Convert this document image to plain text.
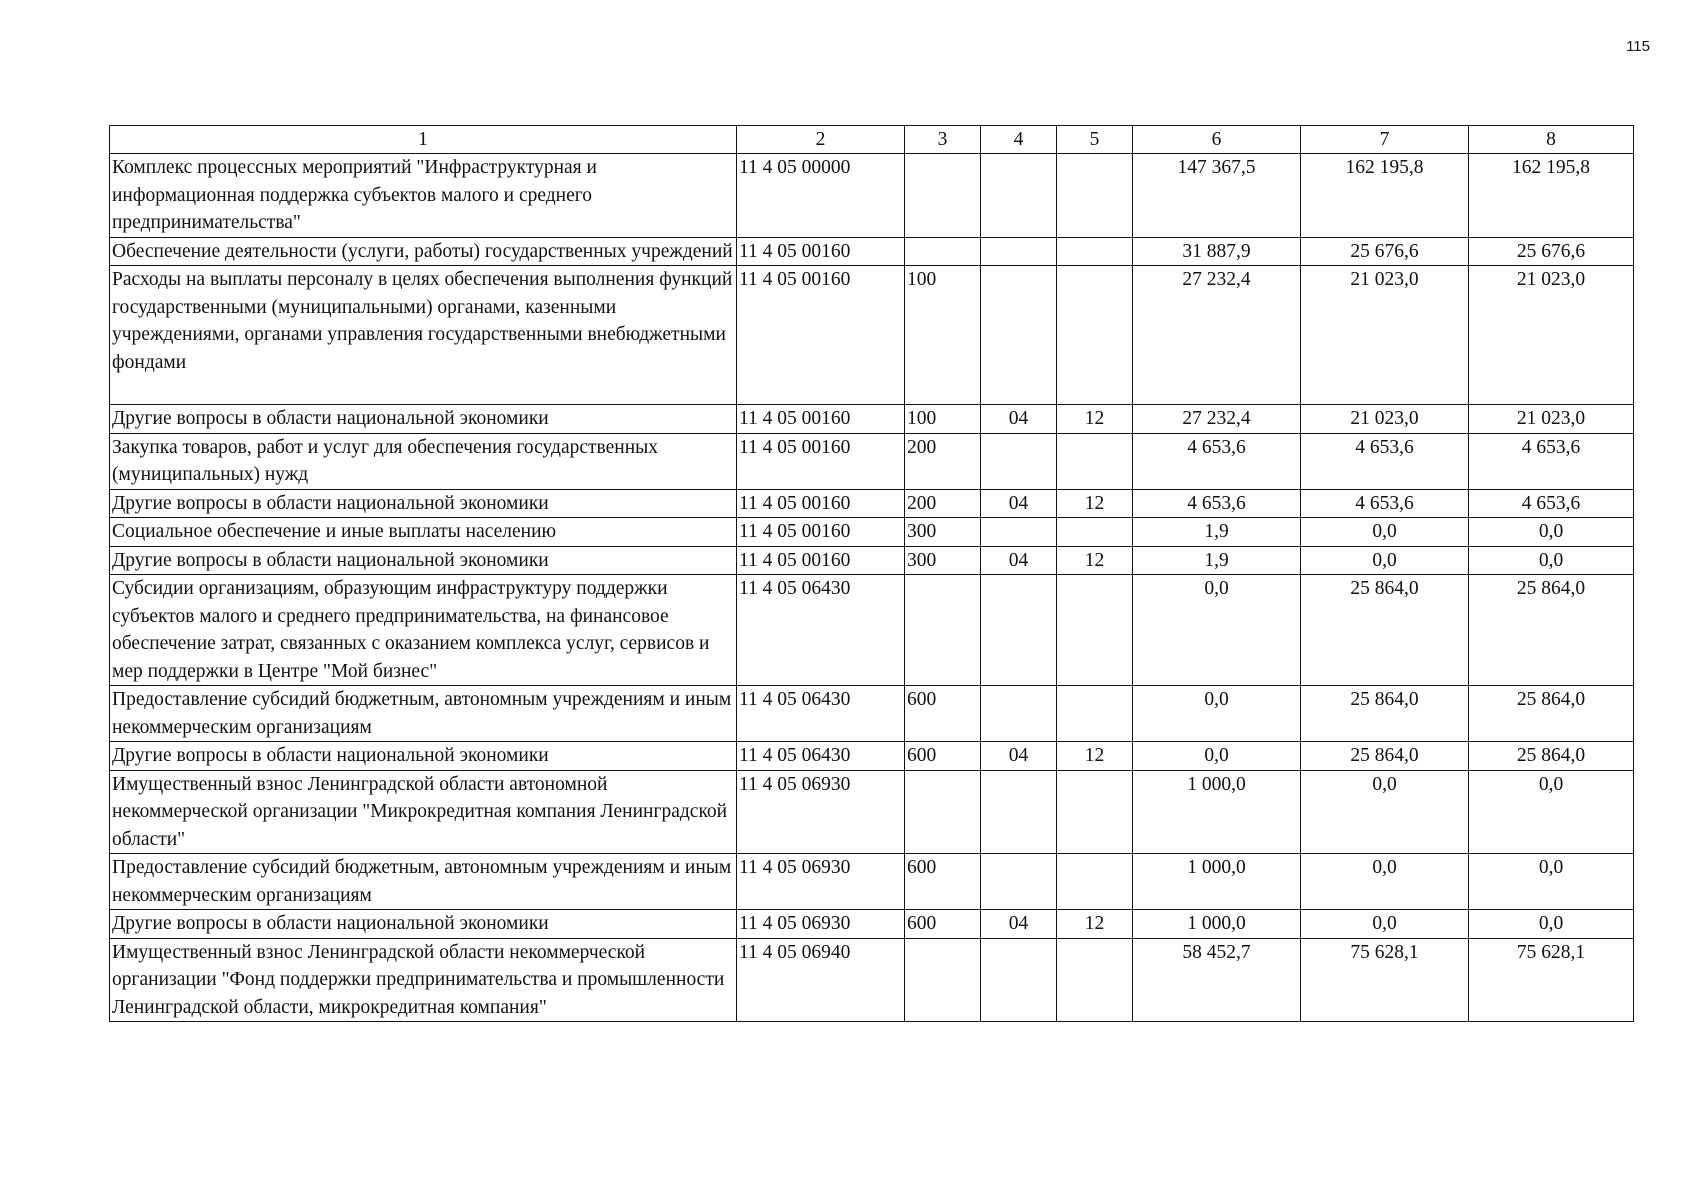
115
1	2	3	4	5	6	7	8
Комплекс процессных мероприятий "Инфраструктурная и информационная поддержка субъектов малого и среднего предпринимательства"	11 4 05 00000				147 367,5	162 195,8	162 195,8
Обеспечение деятельности (услуги, работы) государственных учреждений	11 4 05 00160				31 887,9	25 676,6	25 676,6
Расходы на выплаты персоналу в целях обеспечения выполнения функций государственными (муниципальными) органами, казенными учреждениями, органами управления государственными внебюджетными фондами	11 4 05 00160	100			27 232,4	21 023,0	21 023,0
Другие вопросы в области национальной экономики	11 4 05 00160	100	04	12	27 232,4	21 023,0	21 023,0
Закупка товаров, работ и услуг для обеспечения государственных (муниципальных) нужд	11 4 05 00160	200			4 653,6	4 653,6	4 653,6
Другие вопросы в области национальной экономики	11 4 05 00160	200	04	12	4 653,6	4 653,6	4 653,6
Социальное обеспечение и иные выплаты населению	11 4 05 00160	300			1,9	0,0	0,0
Другие вопросы в области национальной экономики	11 4 05 00160	300	04	12	1,9	0,0	0,0
Субсидии организациям, образующим инфраструктуру поддержки субъектов малого и среднего предпринимательства, на финансовое обеспечение затрат, связанных с оказанием комплекса услуг, сервисов и мер поддержки в Центре "Мой бизнес"	11 4 05 06430				0,0	25 864,0	25 864,0
Предоставление субсидий бюджетным, автономным учреждениям и иным некоммерческим организациям	11 4 05 06430	600			0,0	25 864,0	25 864,0
Другие вопросы в области национальной экономики	11 4 05 06430	600	04	12	0,0	25 864,0	25 864,0
Имущественный взнос Ленинградской области автономной некоммерческой организации "Микрокредитная компания Ленинградской области"	11 4 05 06930				1 000,0	0,0	0,0
Предоставление субсидий бюджетным, автономным учреждениям и иным некоммерческим организациям	11 4 05 06930	600			1 000,0	0,0	0,0
Другие вопросы в области национальной экономики	11 4 05 06930	600	04	12	1 000,0	0,0	0,0
Имущественный взнос Ленинградской области некоммерческой организации "Фонд поддержки предпринимательства и промышленности Ленинградской области, микрокредитная компания"	11 4 05 06940				58 452,7	75 628,1	75 628,1
